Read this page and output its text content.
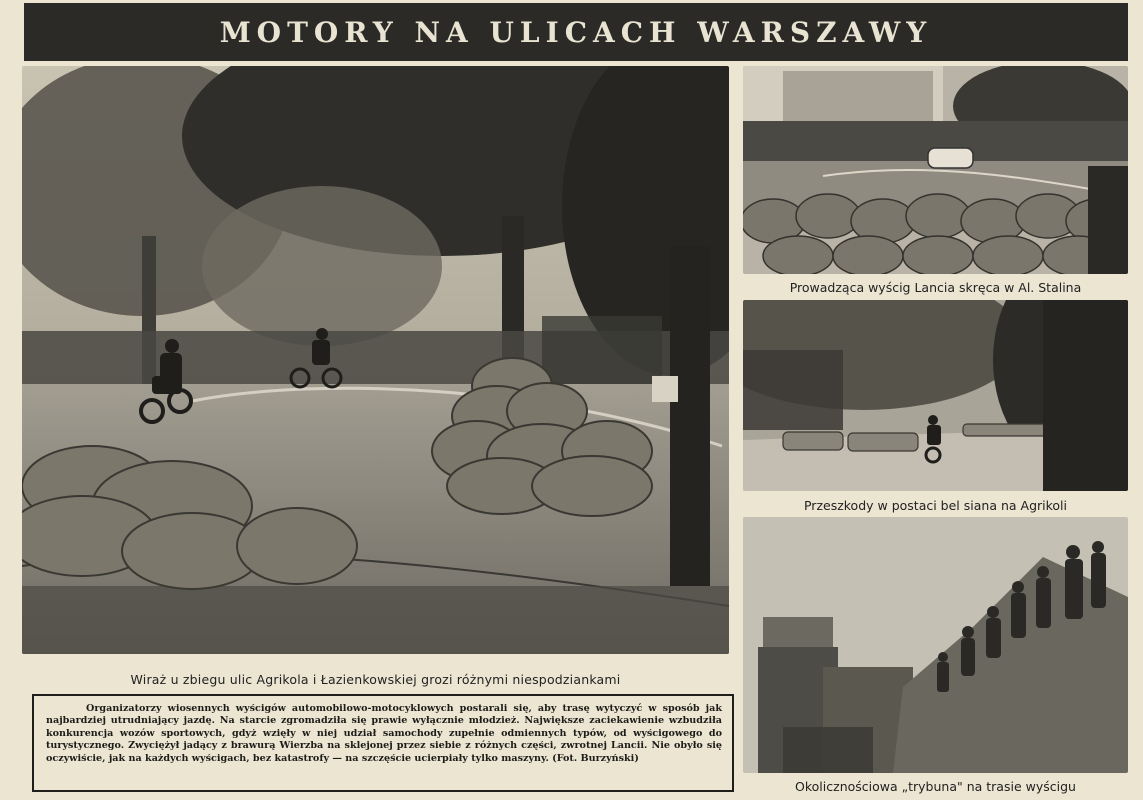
MOTORY NA ULICACH WARSZAWY
Wiraż u zbiegu ulic Agrikola i Łazienkowskiej grozi różnymi niespodziankami
Prowadząca wyścig Lancia skręca w Al. Stalina
Przeszkody w postaci bel siana na Agrikoli
Okolicznościowa „trybuna" na trasie wyścigu

Organizatorzy wiosennych wyścigów automobilowo-motocyklowych postarali się, aby trasę wytyczyć w sposób jak najbardziej utrudniający jazdę. Na starcie zgromadziła się prawie wyłącznie młodzież. Największe zaciekawienie wzbudziła konkurencja wozów sportowych, gdyż wzięły w niej udział samochody zupełnie odmiennych typów, od wyścigowego do turystycznego. Zwyciężył jadący z brawurą Wierzba na sklejonej przez siebie z różnych części, zwrotnej Lancii. Nie obyło się oczywiście, jak na każdych wyścigach, bez katastrofy — na szczęście ucierpiały tylko maszyny. (Fot. Burzyński)
